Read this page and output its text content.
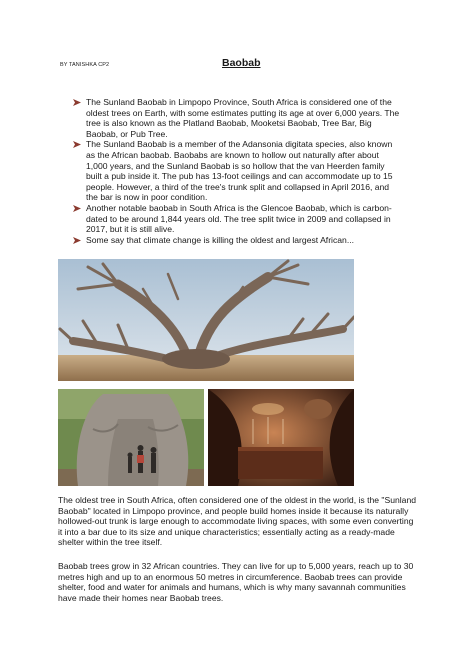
BY TANISHKA CP2	Baobab
The Sunland Baobab in Limpopo Province, South Africa is considered one of the oldest trees on Earth, with some estimates putting its age at over 6,000 years. The tree is also known as the Platland Baobab, Mooketsi Baobab, Tree Bar, Big Baobab, or Pub Tree.
The Sunland Baobab is a member of the Adansonia digitata species, also known as the African baobab. Baobabs are known to hollow out naturally after about 1,000 years, and the Sunland Baobab is so hollow that the van Heerden family built a pub inside it. The pub has 13-foot ceilings and can accommodate up to 15 people. However, a third of the tree's trunk split and collapsed in April 2016, and the bar is now in poor condition.
Another notable baobab in South Africa is the Glencoe Baobab, which is carbon-dated to be around 1,844 years old. The tree split twice in 2009 and collapsed in 2017, but it is still alive.
Some say that climate change is killing the oldest and largest African...

The oldest tree in South Africa, often considered one of the oldest in the world, is the "Sunland Baobab" located in Limpopo province, and people build homes inside it because its naturally hollowed-out trunk is large enough to accommodate living spaces, with some even converting it into a bar due to its size and unique characteristics; essentially acting as a ready-made shelter within the tree itself.

Baobab trees grow in 32 African countries. They can live for up to 5,000 years, reach up to 30 metres high and up to an enormous 50 metres in circumference. Baobab trees can provide shelter, food and water for animals and humans, which is why many savannah communities have made their homes near Baobab trees.
